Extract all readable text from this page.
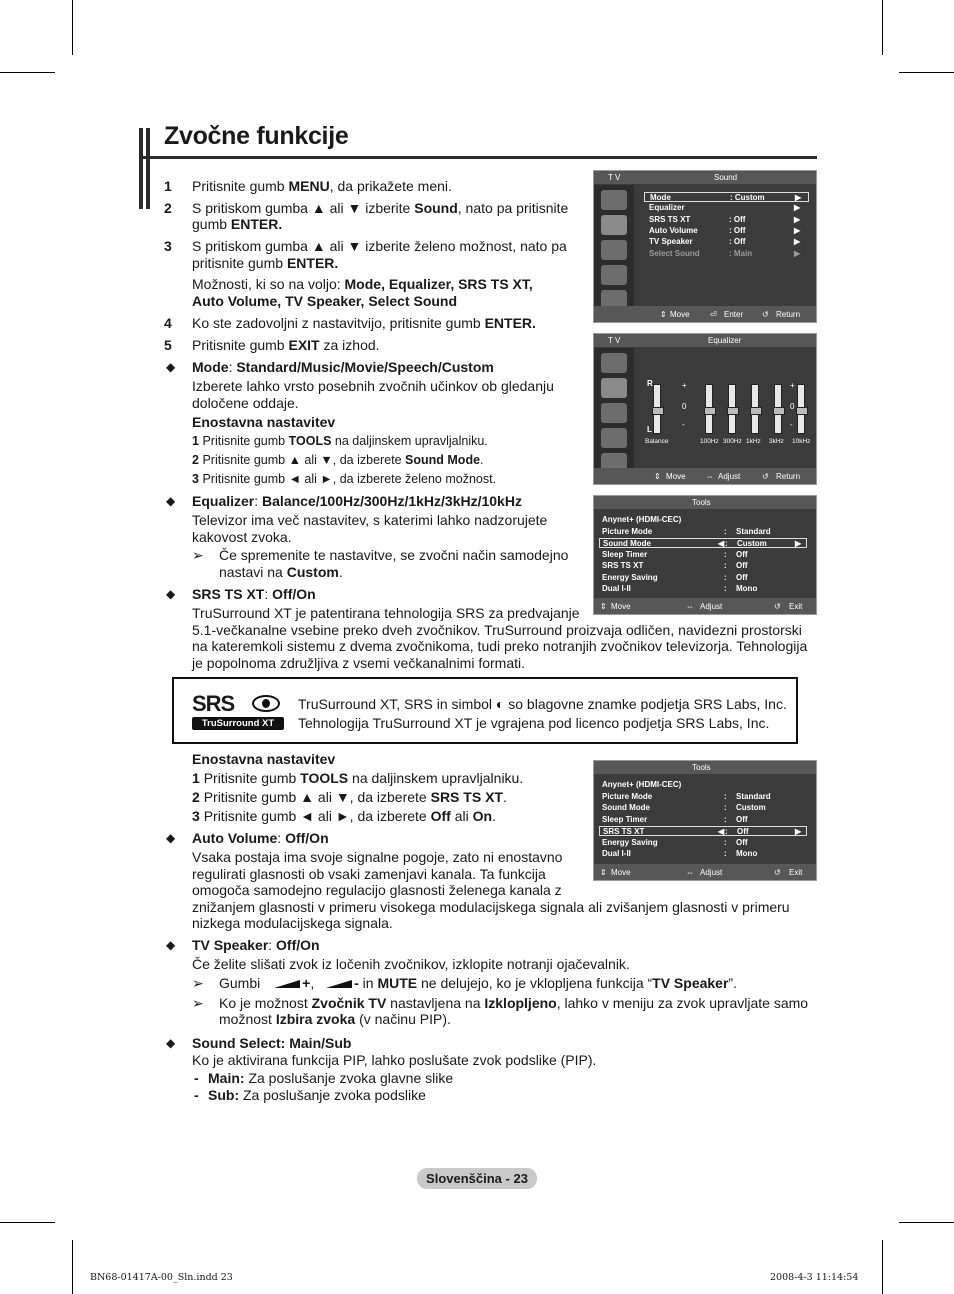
Zvočne funkcije
1 Pritisnite gumb MENU, da prikažete meni.
2 S pritiskom gumba ▲ ali ▼ izberite Sound, nato pa pritisnite
gumb ENTER.
3 S pritiskom gumba ▲ ali ▼ izberite želeno možnost, nato pa
pritisnite gumb ENTER.
Možnosti, ki so na voljo: Mode, Equalizer, SRS TS XT,
Auto Volume, TV Speaker, Select Sound
4 Ko ste zadovoljni z nastavitvijo, pritisnite gumb ENTER.
5 Pritisnite gumb EXIT za izhod.
◆ Mode: Standard/Music/Movie/Speech/Custom
Izberete lahko vrsto posebnih zvočnih učinkov ob gledanju
določene oddaje.
Enostavna nastavitev
1 Pritisnite gumb TOOLS na daljinskem upravljalniku.
2 Pritisnite gumb ▲ ali ▼, da izberete Sound Mode.
3 Pritisnite gumb ◄ ali ►, da izberete želeno možnost.
◆ Equalizer: Balance/100Hz/300Hz/1kHz/3kHz/10kHz
Televizor ima več nastavitev, s katerimi lahko nadzorujete
kakovost zvoka.
➢ Če spremenite te nastavitve, se zvočni način samodejno
nastavi na Custom.
◆ SRS TS XT: Off/On
TruSurround XT je patentirana tehnologija SRS za predvajanje
5.1-večkanalne vsebine preko dveh zvočnikov. TruSurround proizvaja odličen, navidezni prostorski
na kateremkoli sistemu z dvema zvočnikoma, tudi preko notranjih zvočnikov televizorja. Tehnologija
je popolnoma združljiva z vsemi večkanalnimi formati.
SRS
TruSurround XT
TruSurround XT, SRS in simbol ◐ so blagovne znamke podjetja SRS Labs, Inc.
Tehnologija TruSurround XT je vgrajena pod licenco podjetja SRS Labs, Inc.
Enostavna nastavitev
1 Pritisnite gumb TOOLS na daljinskem upravljalniku.
2 Pritisnite gumb ▲ ali ▼, da izberete SRS TS XT.
3 Pritisnite gumb ◄ ali ►, da izberete Off ali On.
◆ Auto Volume: Off/On
Vsaka postaja ima svoje signalne pogoje, zato ni enostavno
regulirati glasnosti ob vsaki zamenjavi kanala. Ta funkcija
omogoča samodejno regulacijo glasnosti želenega kanala z
znižanjem glasnosti v primeru visokega modulacijskega signala ali zvišanjem glasnosti v primeru
nizkega modulacijskega signala.
◆ TV Speaker: Off/On
Če želite slišati zvok iz ločenih zvočnikov, izklopite notranji ojačevalnik.
➢ Gumbi	+,	- in MUTE ne delujejo, ko je vklopljena funkcija “TV Speaker”.
➢ Ko je možnost Zvočnik TV nastavljena na Izklopljeno, lahko v meniju za zvok upravljate samo
možnost Izbira zvoka (v načinu PIP).
◆ Sound Select: Main/Sub
Ko je aktivirana funkcija PIP, lahko poslušate zvok podslike (PIP).
- Main: Za poslušanje zvoka glavne slike
- Sub: Za poslušanje zvoka podslike
T V	Sound
Mode	: Custom	▶
Equalizer	▶
SRS TS XT	: Off	▶
Auto Volume	: Off	▶
TV Speaker	: Off	▶
Select Sound	: Main	▶
⇕ Move	⏎ Enter ↺ Return
T V	Equalizer
R
L
+
0
-
+
0
-
Balance	100Hz 300Hz 1kHz 3kHz 10kHz
⇕ Move	⇔ Adjust	↺ Return
Tools
Anynet+ (HDMI-CEC)
Picture Mode	: Standard
Sound Mode	: Custom
◀	▶
Sleep Timer	: Off
SRS TS XT	: Off
Energy Saving	: Off
Dual I-II	: Mono
⇕ Move	⇔ Adjust	↺ Exit
Tools
Anynet+ (HDMI-CEC)
Picture Mode	: Standard
Sound Mode	: Custom
Sleep Timer	: Off
SRS TS XT	: Off
◀	▶
Energy Saving	: Off
Dual I-II	: Mono
⇕ Move	⇔ Adjust	↺ Exit
Slovenščina - 23
BN68-01417A-00_Sln.indd 23	2008-4-3 11:14:54
